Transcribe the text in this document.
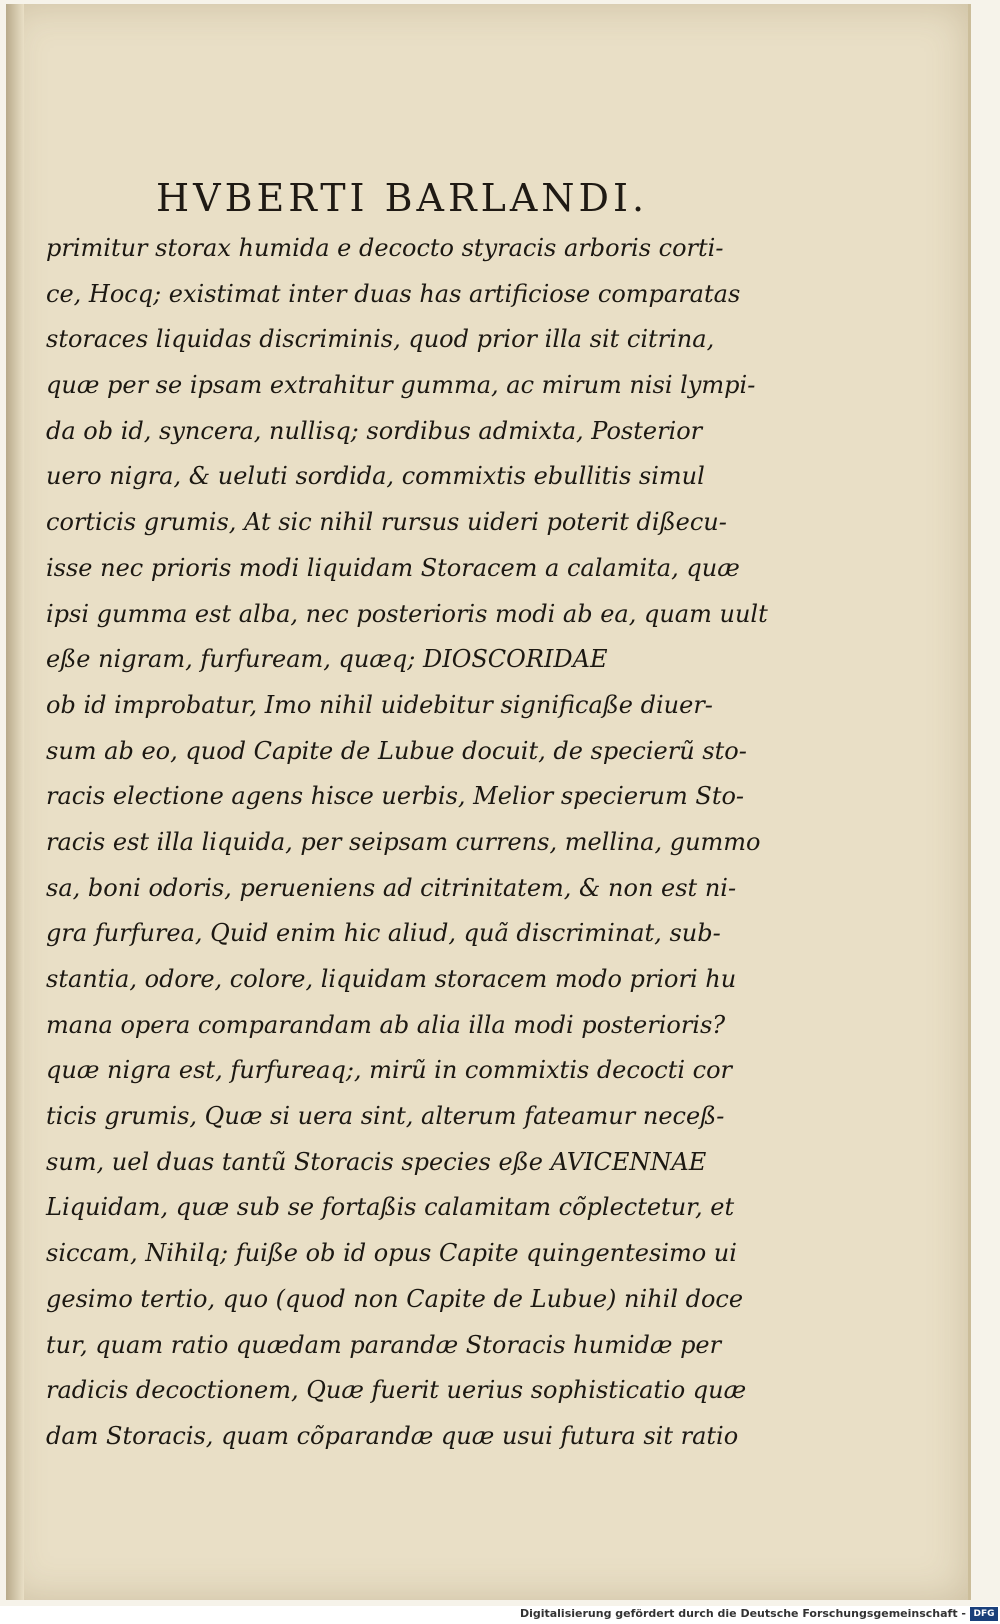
HVBERTI BARLANDI.
primitur storax humida e decocto styracis arboris corti-
ce, Hocq; existimat inter duas has artificiose comparatas
storaces liquidas discriminis, quod prior illa sit citrina,
quæ per se ipsam extrahitur gumma, ac mirum nisi lympi-
da ob id, syncera, nullisq; sordibus admixta, Posterior
uero nigra, & ueluti sordida, commixtis ebullitis simul
corticis grumis, At sic nihil rursus uideri poterit dißecu-
isse nec prioris modi liquidam Storacem a calamita, quæ
ipsi gumma est alba, nec posterioris modi ab ea, quam uult
eße nigram, furfuream, quæq; DIOSCORIDAE
ob id improbatur, Imo nihil uidebitur significaße diuer-
sum ab eo, quod Capite de Lubue docuit, de specierũ sto-
racis electione agens hisce uerbis, Melior specierum Sto-
racis est illa liquida, per seipsam currens, mellina, gummo
sa, boni odoris, perueniens ad citrinitatem, & non est ni-
gra furfurea, Quid enim hic aliud, quã discriminat, sub-
stantia, odore, colore, liquidam storacem modo priori hu
mana opera comparandam ab alia illa modi posterioris?
quæ nigra est, furfureaq;, mirũ in commixtis decocti cor
ticis grumis, Quæ si uera sint, alterum fateamur neceß-
sum, uel duas tantũ Storacis species eße AVICENNAE
Liquidam, quæ sub se fortaßis calamitam cõplectetur, et
siccam, Nihilq; fuiße ob id opus Capite quingentesimo ui
gesimo tertio, quo (quod non Capite de Lubue) nihil doce
tur, quam ratio quædam parandæ Storacis humidæ per
radicis decoctionem, Quæ fuerit uerius sophisticatio quæ
dam Storacis, quam cõparandæ quæ usui futura sit ratio
Digitalisierung gefördert durch die Deutsche Forschungsgemeinschaft - DFG
